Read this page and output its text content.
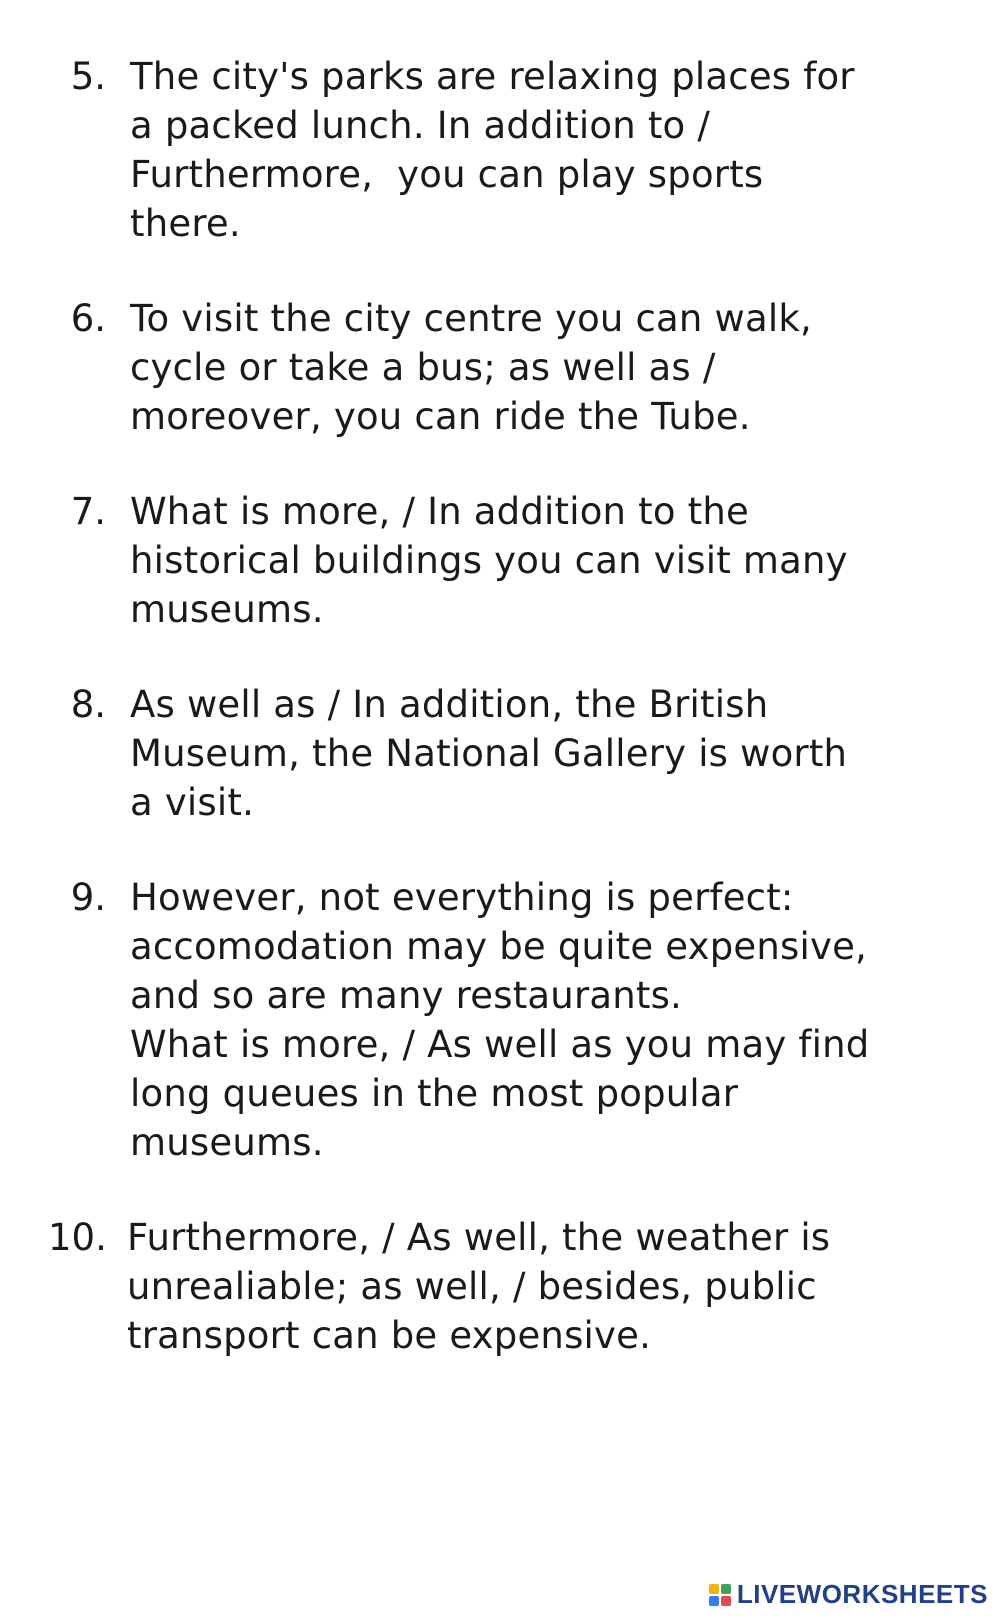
5. The city's parks are relaxing places for
a packed lunch. In addition to /
Furthermore,  you can play sports
there.
6. To visit the city centre you can walk,
cycle or take a bus; as well as /
moreover, you can ride the Tube.
7. What is more, / In addition to the
historical buildings you can visit many
museums.
8. As well as / In addition, the British
Museum, the National Gallery is worth
a visit.
9. However, not everything is perfect:
accomodation may be quite expensive,
and so are many restaurants.
What is more, / As well as you may find
long queues in the most popular
museums.
10. Furthermore, / As well, the weather is
unrealiable; as well, / besides, public
transport can be expensive.
LIVEWORKSHEETS
